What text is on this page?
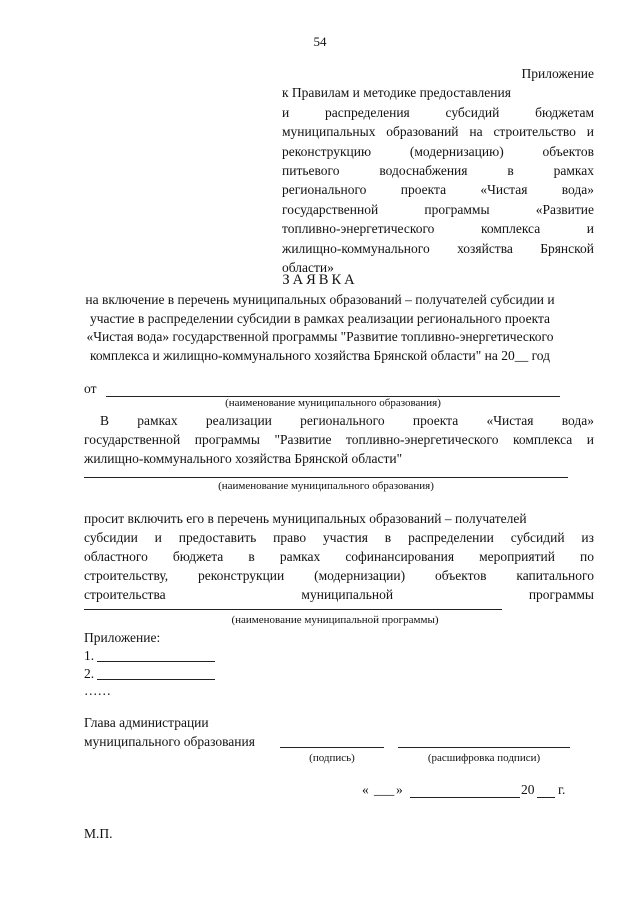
54
Приложение
к Правилам и методике предоставления
и распределения субсидий бюджетам
муниципальных образований на строительство и
реконструкцию (модернизацию) объектов
питьевого водоснабжения в рамках
регионального проекта «Чистая вода»
государственной программы «Развитие
топливно-энергетического комплекса и
жилищно-коммунального хозяйства Брянской
области»
ЗАЯВКА
на включение в перечень муниципальных образований – получателей субсидии и участие в распределении субсидии в рамках реализации регионального проекта «Чистая вода» государственной программы "Развитие топливно-энергетического комплекса и жилищно-коммунального хозяйства Брянской области" на 20__ год
от
(наименование муниципального образования)
В рамках реализации регионального проекта «Чистая вода»
государственной программы "Развитие топливно-энергетического комплекса и
жилищно-коммунального хозяйства Брянской области"
(наименование муниципального образования)
просит включить его в перечень муниципальных образований – получателей
субсидии и предоставить право участия в распределении субсидий из
областного бюджета в рамках софинансирования мероприятий по
строительству, реконструкции (модернизации) объектов капитального
строительства муниципальной программы
(наименование муниципальной программы)
Приложение:
1.
2.
……
Глава администрации
муниципального образования
(подпись)	(расшифровка подписи)
« ___ »	20 г.
М.П.
